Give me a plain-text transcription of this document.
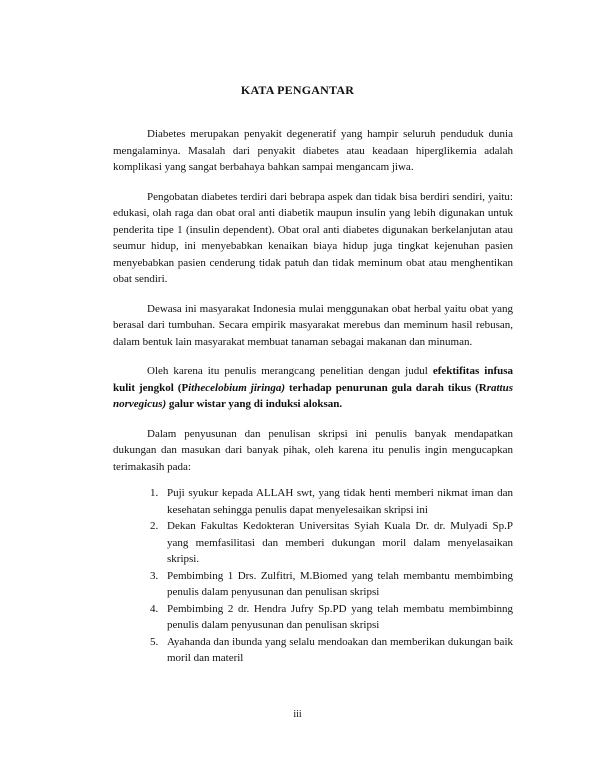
KATA PENGANTAR

Diabetes merupakan penyakit degeneratif yang hampir seluruh penduduk dunia mengalaminya. Masalah dari penyakit diabetes atau keadaan hiperglikemia adalah komplikasi yang sangat berbahaya bahkan sampai mengancam jiwa.

Pengobatan diabetes terdiri dari bebrapa aspek dan tidak bisa berdiri sendiri, yaitu: edukasi, olah raga dan obat oral anti diabetik maupun insulin yang lebih digunakan untuk penderita tipe 1 (insulin dependent). Obat oral anti diabetes digunakan berkelanjutan atau seumur hidup, ini menyebabkan kenaikan biaya hidup juga tingkat kejenuhan pasien menyebabkan pasien cenderung tidak patuh dan tidak meminum obat atau menghentikan obat sendiri.

Dewasa ini masyarakat Indonesia mulai menggunakan obat herbal yaitu obat yang berasal dari tumbuhan. Secara empirik masyarakat merebus dan meminum hasil rebusan, dalam bentuk lain masyarakat membuat tanaman sebagai makanan dan minuman.

Oleh karena itu penulis merangcang penelitian dengan judul efektifitas infusa kulit jengkol (Pithecelobium jiringa) terhadap penurunan gula darah tikus (Rrattus norvegicus) galur wistar yang di induksi aloksan.

Dalam penyusunan dan penulisan skripsi ini penulis banyak mendapatkan dukungan dan masukan dari banyak pihak, oleh karena itu penulis ingin mengucapkan terimakasih pada:

1. Puji syukur kepada ALLAH swt, yang tidak henti memberi nikmat iman dan kesehatan sehingga penulis dapat menyelesaikan skripsi ini
2. Dekan Fakultas Kedokteran Universitas Syiah Kuala Dr. dr. Mulyadi Sp.P yang memfasilitasi dan memberi dukungan moril dalam menyelasaikan skripsi.
3. Pembimbing 1 Drs. Zulfitri, M.Biomed yang telah membantu membimbing penulis dalam penyusunan dan penulisan skripsi
4. Pembimbing 2 dr. Hendra Jufry Sp.PD yang telah membatu membimbinng penulis dalam penyusunan dan penulisan skripsi
5. Ayahanda dan ibunda yang selalu mendoakan dan memberikan dukungan baik moril dan materil
iii
